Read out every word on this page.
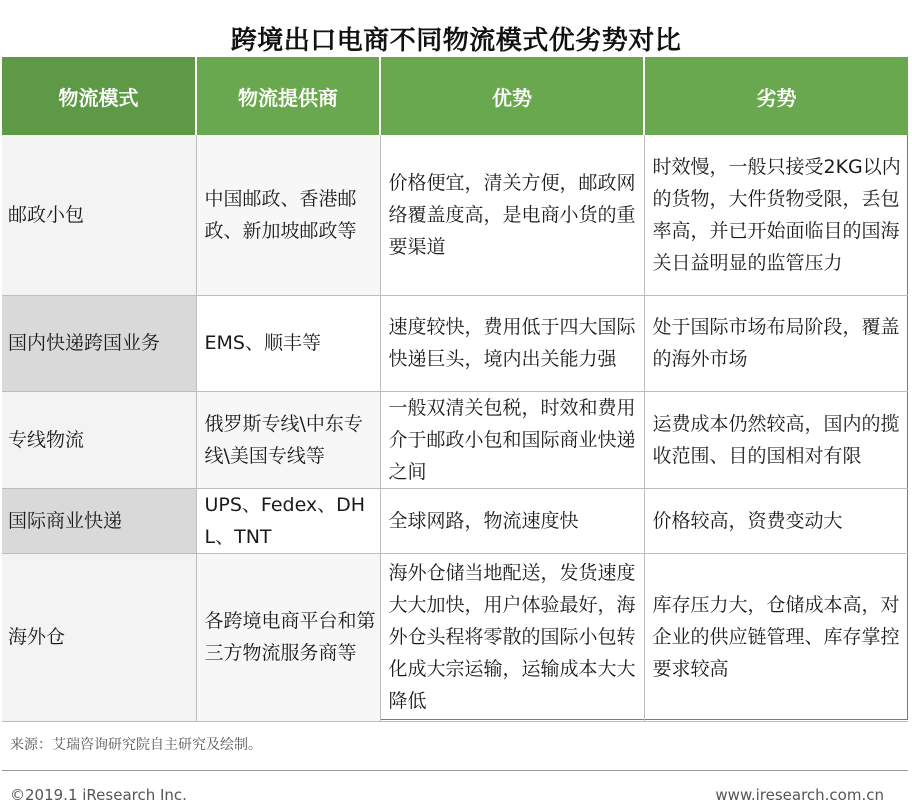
跨境出口电商不同物流模式优劣势对比
物流模式	物流提供商	优势	劣势
邮政小包	中国邮政、香港邮政、新加坡邮政等	价格便宜，清关方便，邮政网络覆盖度高，是电商小货的重要渠道	时效慢，一般只接受2KG以内的货物，大件货物受限，丢包率高，并已开始面临目的国海关日益明显的监管压力
国内快递跨国业务	EMS、顺丰等	速度较快，费用低于四大国际快递巨头，境内出关能力强	处于国际市场布局阶段，覆盖的海外市场
专线物流	俄罗斯专线\中东专线\美国专线等	一般双清关包税，时效和费用介于邮政小包和国际商业快递之间	运费成本仍然较高，国内的揽收范围、目的国相对有限
国际商业快递	UPS、Fedex、DHL、TNT	全球网路，物流速度快	价格较高，资费变动大
海外仓	各跨境电商平台和第三方物流服务商等	海外仓储当地配送，发货速度大大加快，用户体验最好，海外仓头程将零散的国际小包转化成大宗运输，运输成本大大降低	库存压力大，仓储成本高，对企业的供应链管理、库存掌控要求较高
来源：艾瑞咨询研究院自主研究及绘制。
©2019.1 iResearch Inc.	www.iresearch.com.cn
